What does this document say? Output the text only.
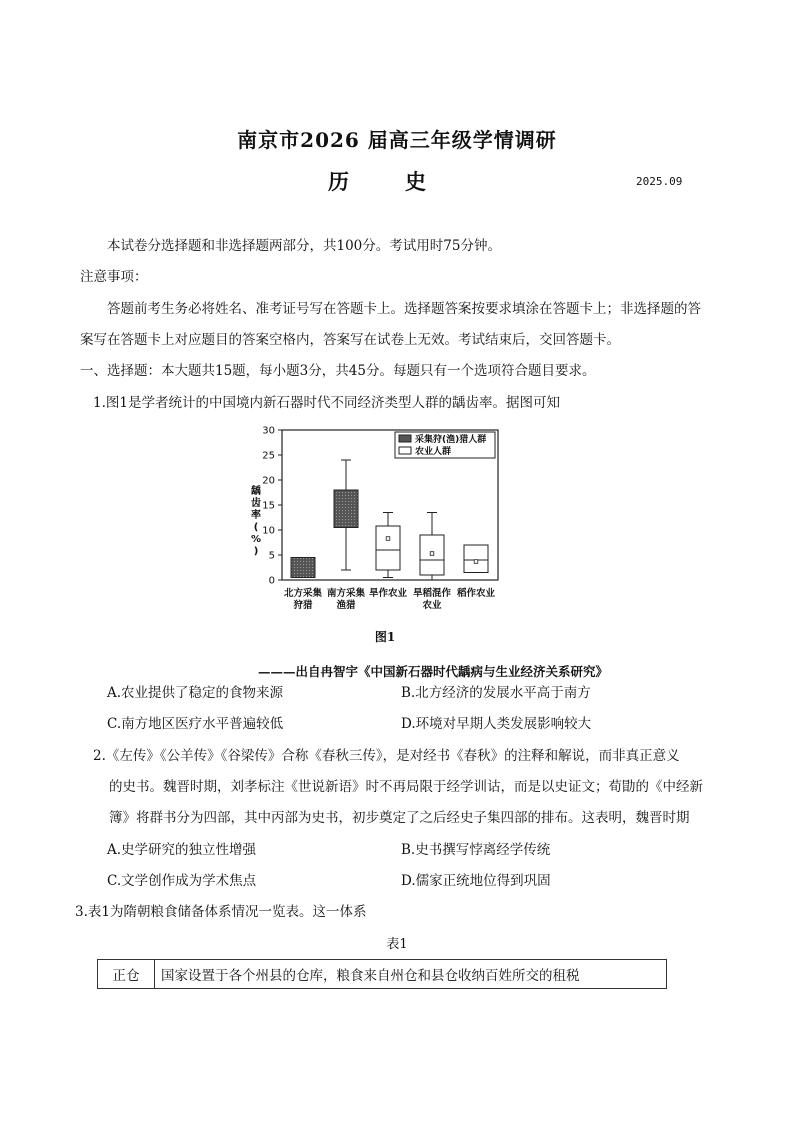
南京市2026 届高三年级学情调研
历史	2025.09
本试卷分选择题和非选择题两部分，共100分。考试用时75分钟。
注意事项：
答题前考生务必将姓名、准考证号写在答题卡上。选择题答案按要求填涂在答题卡上；非选择题的答
案写在答题卡上对应题目的答案空格内，答案写在试卷上无效。考试结束后，交回答题卡。
一、选择题：本大题共15题，每小题3分，共45分。每题只有一个选项符合题目要求。
1.图1是学者统计的中国境内新石器时代不同经济类型人群的龋齿率。据图可知
0
5
10
15
20
25
30
龋
齿
率
(
%
)
北方采集
狩猎
南方采集
渔猎
旱作农业 旱稻混作
农业
稻作农业
采集狩(渔)猎人群
农业人群
图1
———出自冉智宇《中国新石器时代龋病与生业经济关系研究》
A.农业提供了稳定的食物来源	B.北方经济的发展水平高于南方
C.南方地区医疗水平普遍较低	D.环境对早期人类发展影响较大
2.《左传》《公羊传》《谷梁传》合称《春秋三传》，是对经书《春秋》的注释和解说，而非真正意义
的史书。魏晋时期，刘孝标注《世说新语》时不再局限于经学训诂，而是以史证文；荀勖的《中经新
簿》将群书分为四部，其中丙部为史书，初步奠定了之后经史子集四部的排布。这表明，魏晋时期
A.史学研究的独立性增强	B.史书撰写悖离经学传统
C.文学创作成为学术焦点	D.儒家正统地位得到巩固
3.表1为隋朝粮食储备体系情况一览表。这一体系
表1
正仓	国家设置于各个州县的仓库，粮食来自州仓和县仓收纳百姓所交的租税
